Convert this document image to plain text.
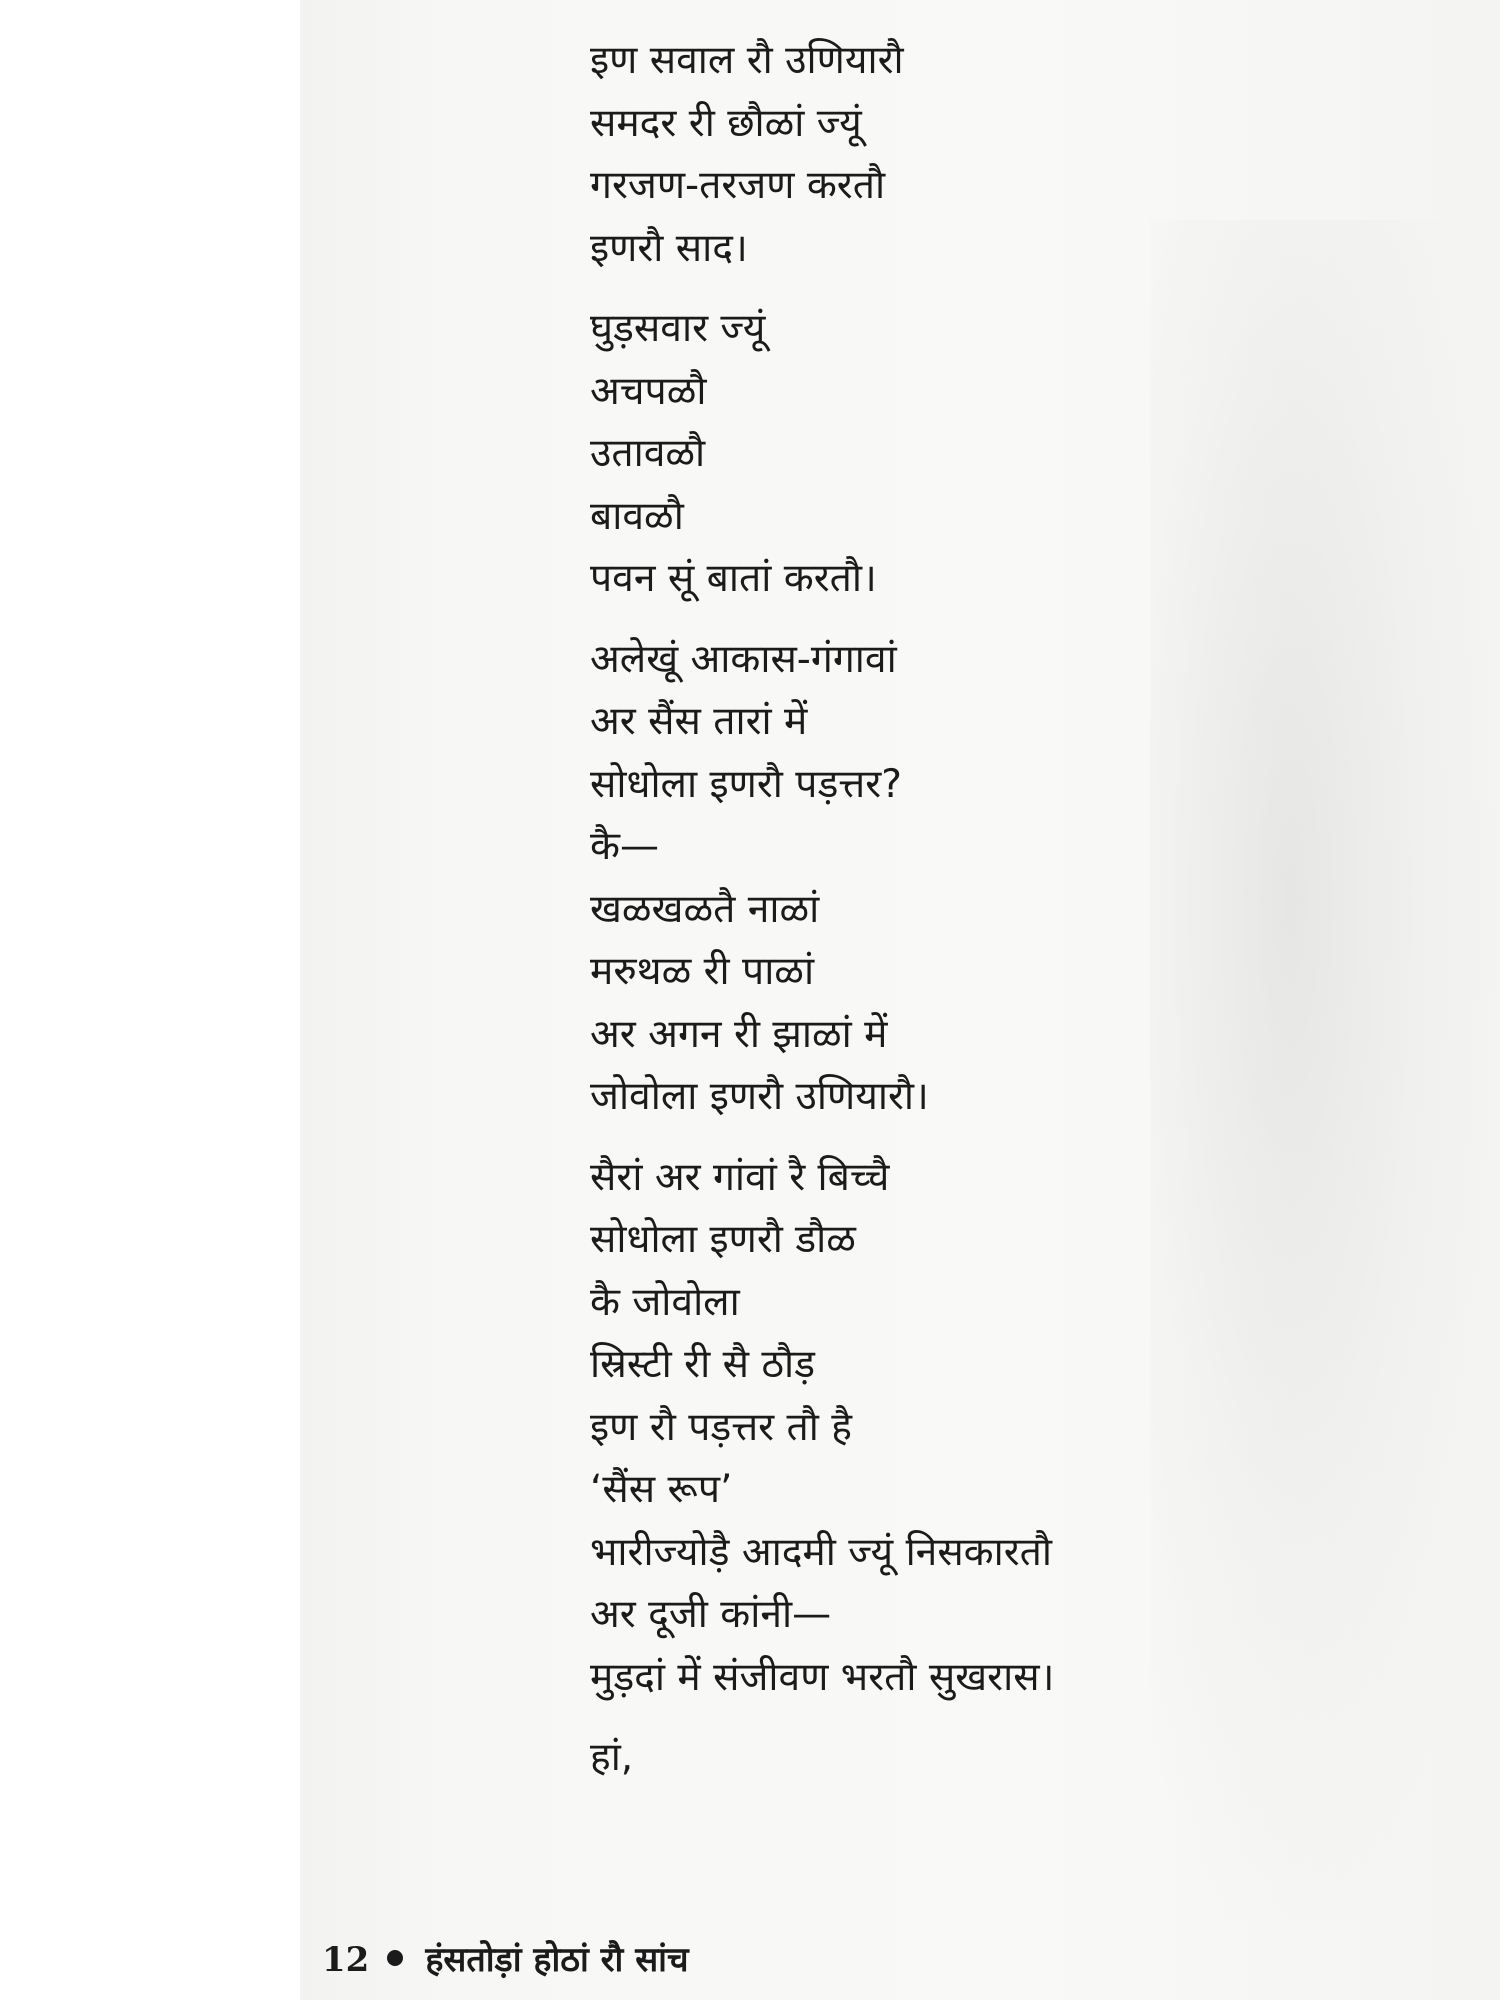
इण सवाल रौ उणियारौ
समदर री छौळां ज्यूं
गरजण-तरजण करतौ
इणरौ साद।
घुड़सवार ज्यूं
अचपळौ
उतावळौ
बावळौ
पवन सूं बातां करतौ।
अलेखूं आकास-गंगावां
अर सैंस तारां में
सोधोला इणरौ पड़त्तर?
कै—
खळखळतै नाळां
मरुथळ री पाळां
अर अगन री झाळां में
जोवोला इणरौ उणियारौ।
सैरां अर गांवां रै बिच्चै
सोधोला इणरौ डौळ
कै जोवोला
स्रिस्टी री सै ठौड़
इण रौ पड़त्तर तौ है
‘सैंस रूप’
भारीज्योड़ै आदमी ज्यूं निसकारतौ
अर दूजी कांनी—
मुड़दां में संजीवण भरतौ सुखरास।
हां,
12 हंसतोड़ां होठां रौ सांच
